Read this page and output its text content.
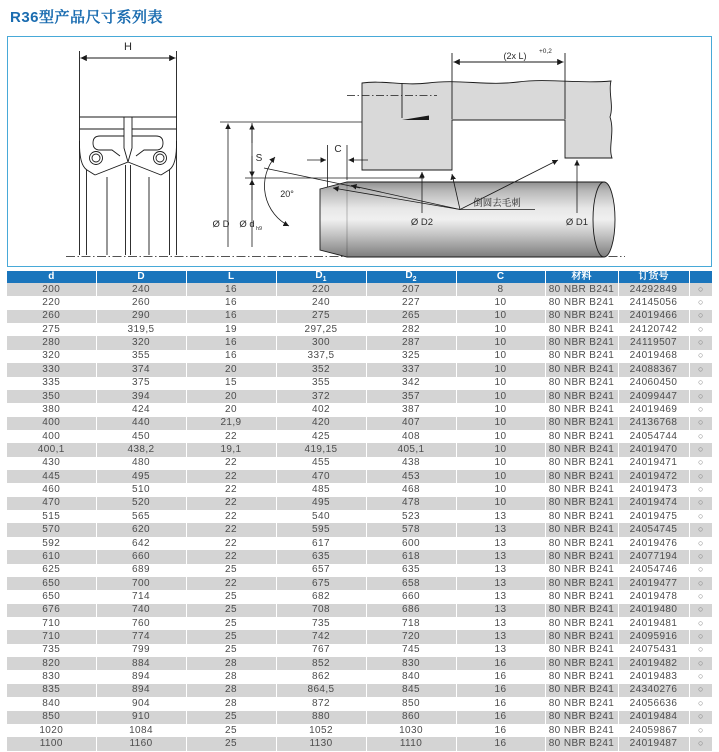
R36型产品尺寸系列表
H
(2x L) +0,2
S
20°
Ø D Ø d h9
C
倒圆去毛刺
Ø D2	Ø D1
d	D	L	$D_1$	$D_2$	C	材料	订货号	
200	240	16	220	207	8	80 NBR B241	24292849	○
220	260	16	240	227	10	80 NBR B241	24145056	○
260	290	16	275	265	10	80 NBR B241	24019466	○
275	319,5	19	297,25	282	10	80 NBR B241	24120742	○
280	320	16	300	287	10	80 NBR B241	24119507	○
320	355	16	337,5	325	10	80 NBR B241	24019468	○
330	374	20	352	337	10	80 NBR B241	24088367	○
335	375	15	355	342	10	80 NBR B241	24060450	○
350	394	20	372	357	10	80 NBR B241	24099447	○
380	424	20	402	387	10	80 NBR B241	24019469	○
400	440	21,9	420	407	10	80 NBR B241	24136768	○
400	450	22	425	408	10	80 NBR B241	24054744	○
400,1	438,2	19,1	419,15	405,1	10	80 NBR B241	24019470	○
430	480	22	455	438	10	80 NBR B241	24019471	○
445	495	22	470	453	10	80 NBR B241	24019472	○
460	510	22	485	468	10	80 NBR B241	24019473	○
470	520	22	495	478	10	80 NBR B241	24019474	○
515	565	22	540	523	13	80 NBR B241	24019475	○
570	620	22	595	578	13	80 NBR B241	24054745	○
592	642	22	617	600	13	80 NBR B241	24019476	○
610	660	22	635	618	13	80 NBR B241	24077194	○
625	689	25	657	635	13	80 NBR B241	24054746	○
650	700	22	675	658	13	80 NBR B241	24019477	○
650	714	25	682	660	13	80 NBR B241	24019478	○
676	740	25	708	686	13	80 NBR B241	24019480	○
710	760	25	735	718	13	80 NBR B241	24019481	○
710	774	25	742	720	13	80 NBR B241	24095916	○
735	799	25	767	745	13	80 NBR B241	24075431	○
820	884	28	852	830	16	80 NBR B241	24019482	○
830	894	28	862	840	16	80 NBR B241	24019483	○
835	894	28	864,5	845	16	80 NBR B241	24340276	○
840	904	28	872	850	16	80 NBR B241	24056636	○
850	910	25	880	860	16	80 NBR B241	24019484	○
1020	1084	25	1052	1030	16	80 NBR B241	24059867	○
1100	1160	25	1130	1110	16	80 NBR B241	24019487	○
